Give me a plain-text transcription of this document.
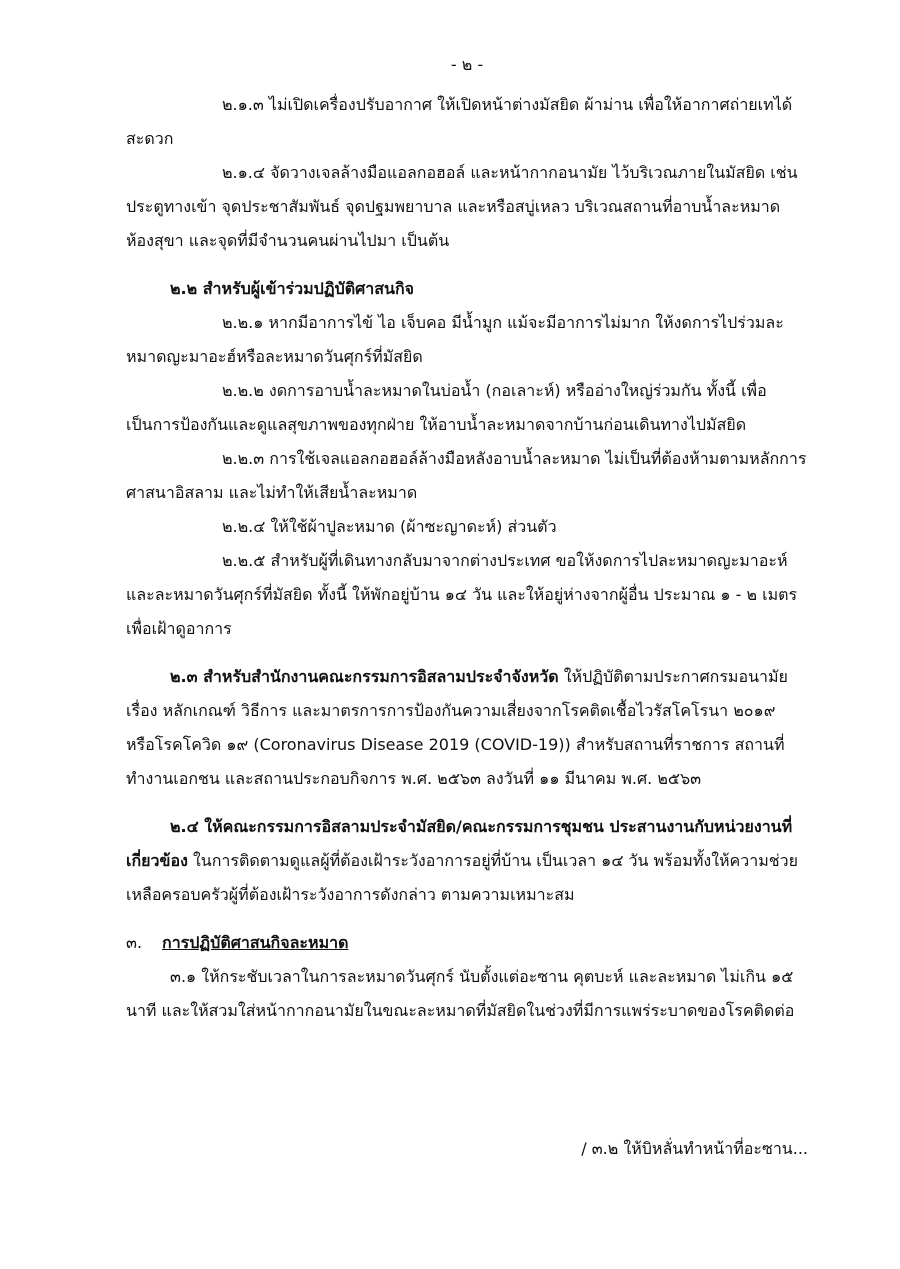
- ๒ -

๒.๑.๓ ไม่เปิดเครื่องปรับอากาศ ให้เปิดหน้าต่างมัสยิด ผ้าม่าน เพื่อให้อากาศถ่ายเทได้สะดวก

๒.๑.๔ จัดวางเจลล้างมือแอลกอฮอล์ และหน้ากากอนามัย ไว้บริเวณภายในมัสยิด เช่น ประตูทางเข้า จุดประชาสัมพันธ์ จุดปฐมพยาบาล และหรือสบู่เหลว บริเวณสถานที่อาบน้ำละหมาด ห้องสุขา และจุดที่มีจำนวนคนผ่านไปมา เป็นต้น

๒.๒ สำหรับผู้เข้าร่วมปฏิบัติศาสนกิจ

๒.๒.๑ หากมีอาการไข้ ไอ เจ็บคอ มีน้ำมูก แม้จะมีอาการไม่มาก ให้งดการไปร่วมละหมาดญะมาอะฮ์หรือละหมาดวันศุกร์ที่มัสยิด

๒.๒.๒ งดการอาบน้ำละหมาดในบ่อน้ำ (กอเลาะห์) หรืออ่างใหญ่ร่วมกัน ทั้งนี้ เพื่อเป็นการป้องกันและดูแลสุขภาพของทุกฝ่าย ให้อาบน้ำละหมาดจากบ้านก่อนเดินทางไปมัสยิด

๒.๒.๓ การใช้เจลแอลกอฮอล์ล้างมือหลังอาบน้ำละหมาด ไม่เป็นที่ต้องห้ามตามหลักการศาสนาอิสลาม และไม่ทำให้เสียน้ำละหมาด

๒.๒.๔ ให้ใช้ผ้าปูละหมาด (ผ้าซะญาดะห์) ส่วนตัว

๒.๒.๕ สำหรับผู้ที่เดินทางกลับมาจากต่างประเทศ ขอให้งดการไปละหมาดญะมาอะห์และละหมาดวันศุกร์ที่มัสยิด ทั้งนี้ ให้พักอยู่บ้าน ๑๔ วัน และให้อยู่ห่างจากผู้อื่น ประมาณ ๑ - ๒ เมตร เพื่อเฝ้าดูอาการ

๒.๓ สำหรับสำนักงานคณะกรรมการอิสลามประจำจังหวัด ให้ปฏิบัติตามประกาศกรมอนามัย เรื่อง หลักเกณฑ์ วิธีการ และมาตรการการป้องกันความเสี่ยงจากโรคติดเชื้อไวรัสโคโรนา ๒๐๑๙ หรือโรคโควิด ๑๙ (Coronavirus Disease 2019 (COVID-19)) สำหรับสถานที่ราชการ สถานที่ทำงานเอกชน และสถานประกอบกิจการ พ.ศ. ๒๕๖๓ ลงวันที่ ๑๑ มีนาคม พ.ศ. ๒๕๖๓

๒.๔ ให้คณะกรรมการอิสลามประจำมัสยิด/คณะกรรมการชุมชน ประสานงานกับหน่วยงานที่เกี่ยวข้อง ในการติดตามดูแลผู้ที่ต้องเฝ้าระวังอาการอยู่ที่บ้าน เป็นเวลา ๑๔ วัน พร้อมทั้งให้ความช่วยเหลือครอบครัวผู้ที่ต้องเฝ้าระวังอาการดังกล่าว ตามความเหมาะสม

๓. การปฏิบัติศาสนกิจละหมาด

๓.๑ ให้กระชับเวลาในการละหมาดวันศุกร์ นับตั้งแต่อะซาน คุตบะห์ และละหมาด ไม่เกิน ๑๕ นาที และให้สวมใส่หน้ากากอนามัยในขณะละหมาดที่มัสยิดในช่วงที่มีการแพร่ระบาดของโรคติดต่อ

/ ๓.๒ ให้บิหลั่นทำหน้าที่อะซาน...
